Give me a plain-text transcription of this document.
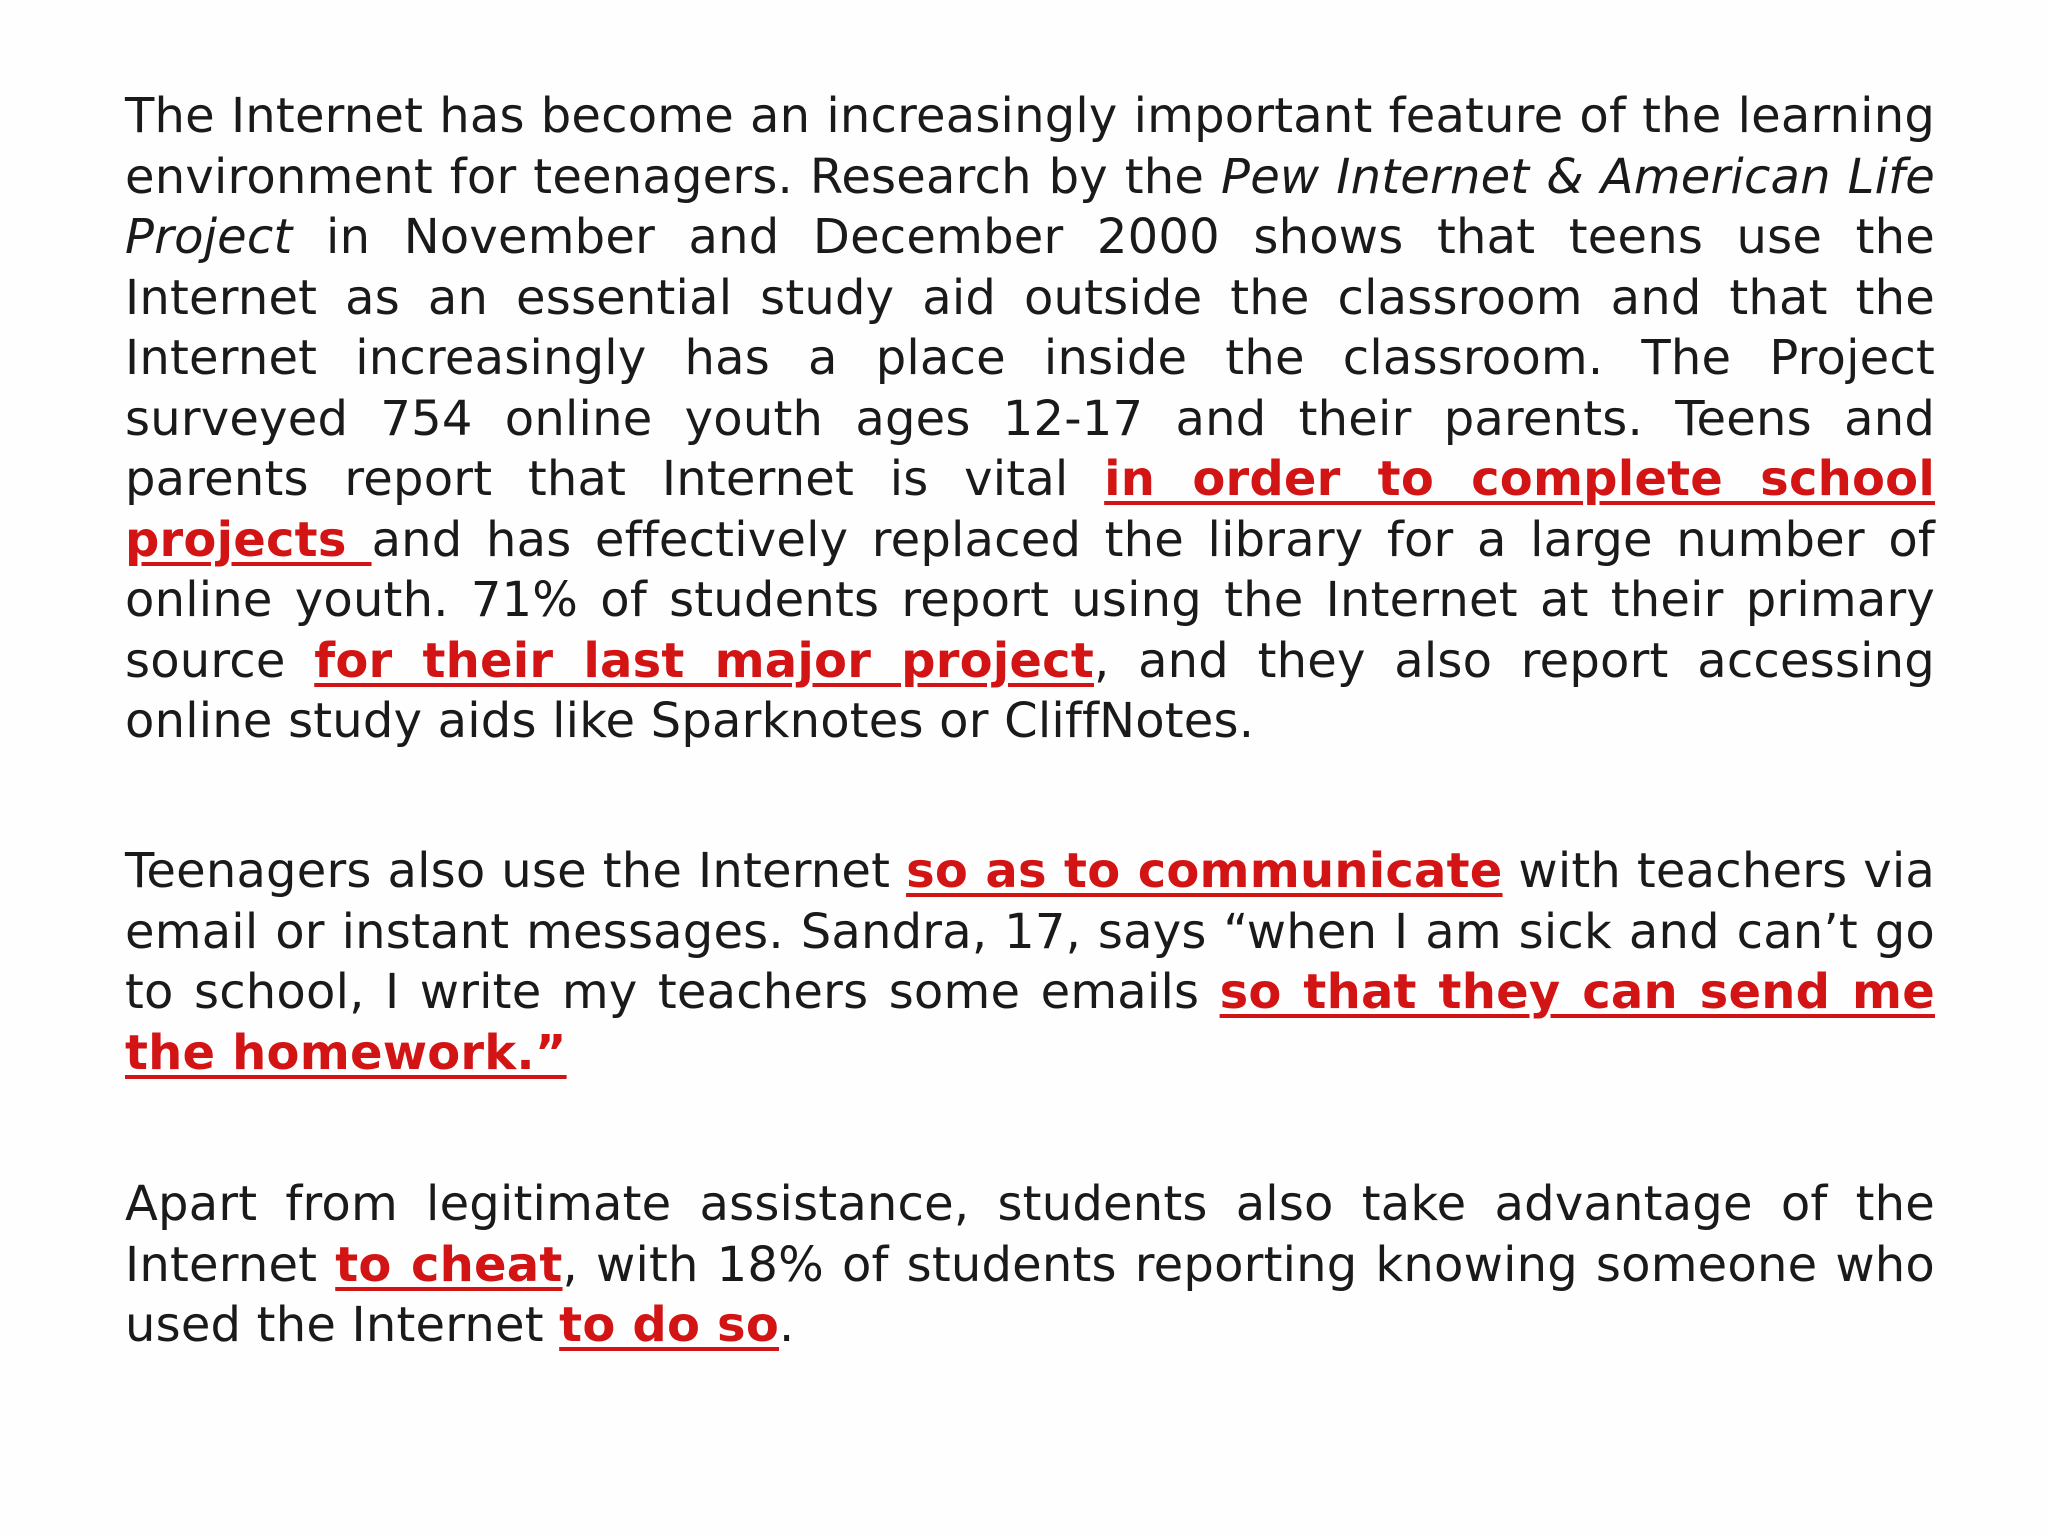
The Internet has become an increasingly important feature of the learning environment for teenagers. Research by the Pew Internet & American Life Project in November and December 2000 shows that teens use the Internet as an essential study aid outside the classroom and that the Internet increasingly has a place inside the classroom. The Project surveyed 754 online youth ages 12-17 and their parents. Teens and parents report that Internet is vital in order to complete school projects and has effectively replaced the library for a large number of online youth. 71% of students report using the Internet at their primary source for their last major project, and they also report accessing online study aids like Sparknotes or CliffNotes.

Teenagers also use the Internet so as to communicate with teachers via email or instant messages. Sandra, 17, says “when I am sick and can’t go to school, I write my teachers some emails so that they can send me the homework.”

Apart from legitimate assistance, students also take advantage of the Internet to cheat, with 18% of students reporting knowing someone who used the Internet to do so.
